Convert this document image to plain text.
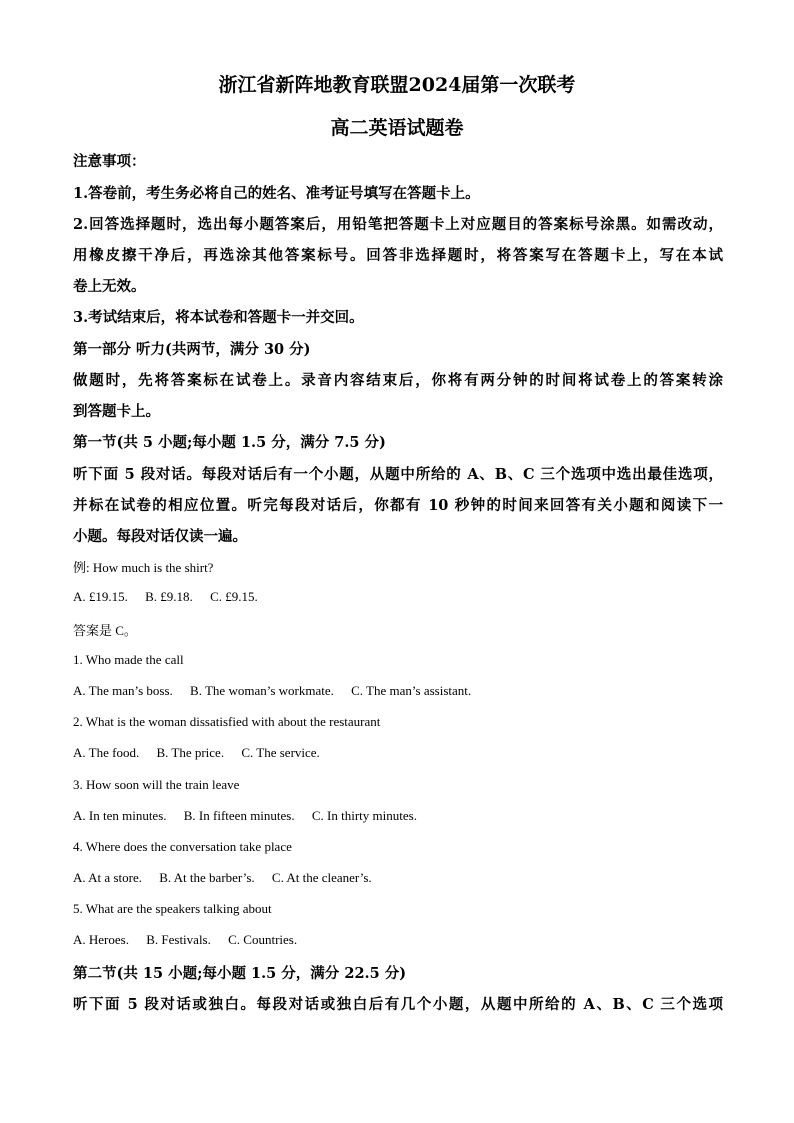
浙江省新阵地教育联盟2024届第一次联考
高二英语试题卷
注意事项：
1.答卷前，考生务必将自己的姓名、准考证号填写在答题卡上。
2.回答选择题时，选出每小题答案后，用铅笔把答题卡上对应题目的答案标号涂黑。如需改动，
用橡皮擦干净后，再选涂其他答案标号。回答非选择题时，将答案写在答题卡上，写在本试
卷上无效。
3.考试结束后，将本试卷和答题卡一并交回。
第一部分 听力(共两节，满分 30 分)
做题时，先将答案标在试卷上。录音内容结束后，你将有两分钟的时间将试卷上的答案转涂
到答题卡上。
第一节(共 5 小题;每小题 1.5 分，满分 7.5 分)
听下面 5 段对话。每段对话后有一个小题，从题中所给的 A、B、C 三个选项中选出最佳选项，
并标在试卷的相应位置。听完每段对话后，你都有 10 秒钟的时间来回答有关小题和阅读下一
小题。每段对话仅读一遍。
例: How much is the shirt?
A. £19.15. B. £9.18. C. £9.15.
答案是 C。
1. Who made the call
A. The man’s boss. B. The woman’s workmate. C. The man’s assistant.
2. What is the woman dissatisfied with about the restaurant
A. The food. B. The price. C. The service.
3. How soon will the train leave
A. In ten minutes. B. In fifteen minutes. C. In thirty minutes.
4. Where does the conversation take place
A. At a store. B. At the barber’s. C. At the cleaner’s.
5. What are the speakers talking about
A. Heroes. B. Festivals. C. Countries.
第二节(共 15 小题;每小题 1.5 分，满分 22.5 分)
听下面 5 段对话或独白。每段对话或独白后有几个小题，从题中所给的 A、B、C 三个选项
